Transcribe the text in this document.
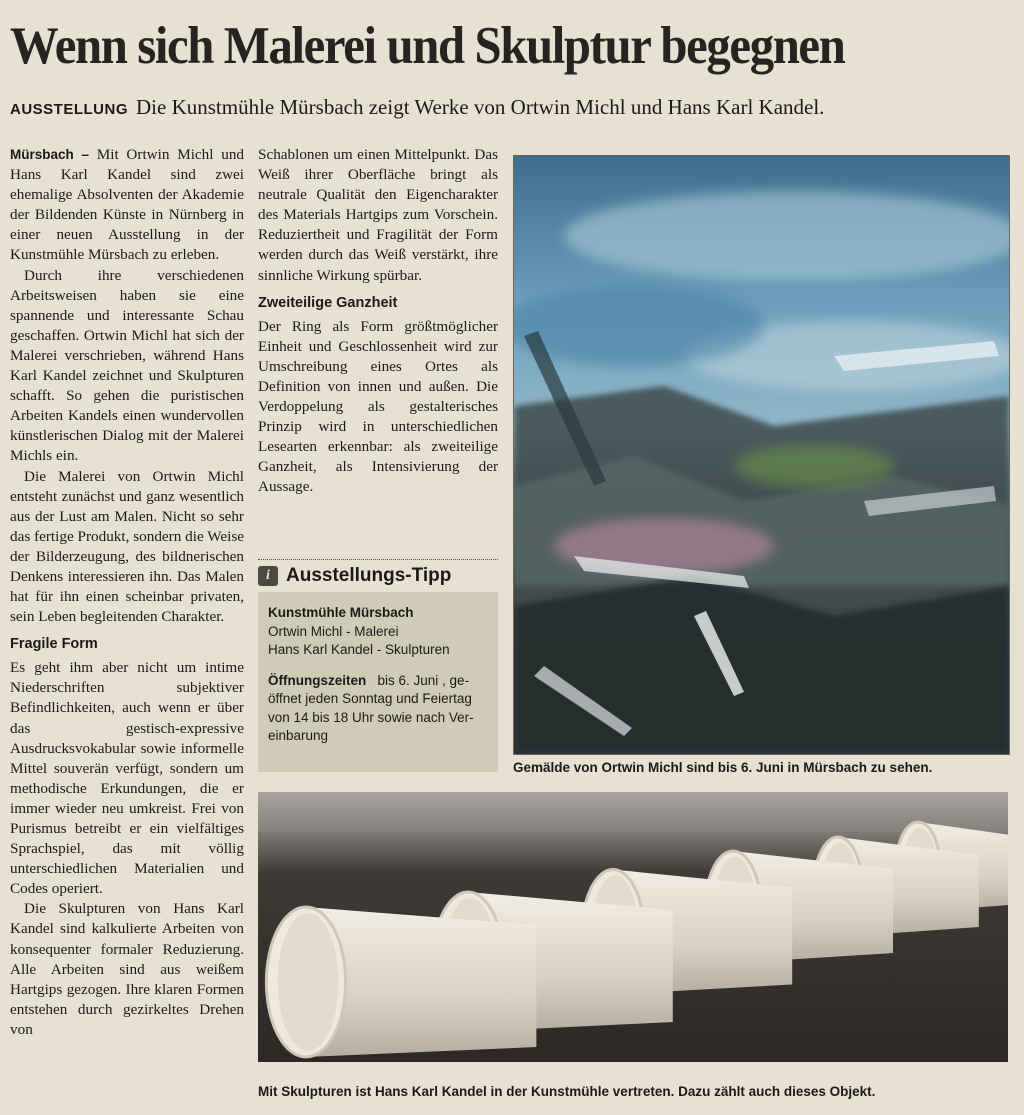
Wenn sich Malerei und Skulptur begegnen
AUSSTELLUNG Die Kunstmühle Mürsbach zeigt Werke von Ortwin Michl und Hans Karl Kandel.

Mürsbach – Mit Ortwin Michl und Hans Karl Kandel sind zwei ehemalige Absolventen der Akademie der Bildenden Künste in Nürnberg in einer neuen Ausstellung in der Kunstmühle Mürsbach zu erleben.

Durch ihre verschiedenen Arbeitsweisen haben sie eine spannende und interessante Schau geschaffen. Ortwin Michl hat sich der Malerei verschrieben, während Hans Karl Kandel zeichnet und Skulpturen schafft. So gehen die puristischen Arbeiten Kandels einen wundervollen künstlerischen Dialog mit der Malerei Michls ein.

Die Malerei von Ortwin Michl entsteht zunächst und ganz wesentlich aus der Lust am Malen. Nicht so sehr das fertige Produkt, sondern die Weise der Bilderzeugung, des bildnerischen Denkens interessieren ihn. Das Malen hat für ihn einen scheinbar privaten, sein Leben begleitenden Charakter.

Fragile Form

Es geht ihm aber nicht um intime Niederschriften subjektiver Befindlichkeiten, auch wenn er über das gestisch-expressive Ausdrucksvokabular sowie informelle Mittel souverän verfügt, sondern um methodische Erkundungen, die er immer wieder neu umkreist. Frei von Purismus betreibt er ein vielfältiges Sprachspiel, das mit völlig unterschiedlichen Materialien und Codes operiert.

Die Skulpturen von Hans Karl Kandel sind kalkulierte Arbeiten von konsequenter formaler Reduzierung. Alle Arbeiten sind aus weißem Hartgips gezogen. Ihre klaren Formen entstehen durch gezirkeltes Drehen von

Schablonen um einen Mittelpunkt. Das Weiß ihrer Oberfläche bringt als neutrale Qualität den Eigencharakter des Materials Hartgips zum Vorschein. Reduziertheit und Fragilität der Form werden durch das Weiß verstärkt, ihre sinnliche Wirkung spürbar.

Zweiteilige Ganzheit

Der Ring als Form größtmöglicher Einheit und Geschlossenheit wird zur Umschreibung eines Ortes als Definition von innen und außen. Die Verdoppelung als gestalterisches Prinzip wird in unterschiedlichen Lesearten erkennbar: als zweiteilige Ganzheit, als Intensivierung der Aussage.

i Ausstellungs-Tipp
Kunstmühle Mürsbach
Ortwin Michl - Malerei
Hans Karl Kandel - Skulpturen
Öffnungszeiten bis 6. Juni , ge-
öffnet jeden Sonntag und Feiertag
von 14 bis 18 Uhr sowie nach Ver-
einbarung
Gemälde von Ortwin Michl sind bis 6. Juni in Mürsbach zu sehen.
Mit Skulpturen ist Hans Karl Kandel in der Kunstmühle vertreten. Dazu zählt auch dieses Objekt.
